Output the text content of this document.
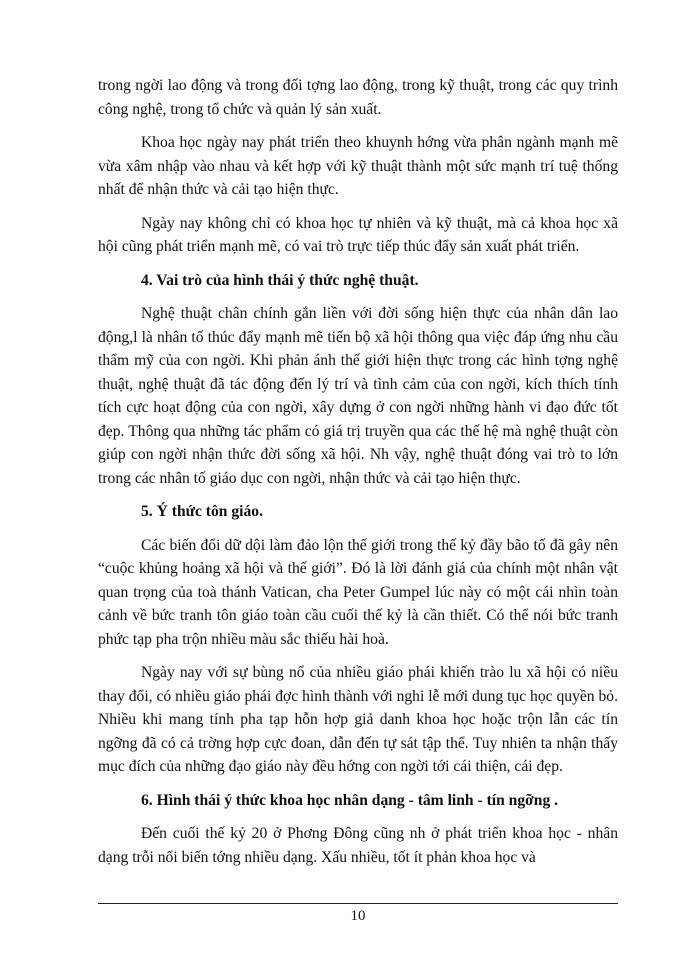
trong ngời lao động và trong đối tợng lao động, trong kỹ thuật, trong các quy trình công nghệ, trong tổ chức và quản lý sản xuất.

Khoa học ngày nay phát triển theo khuynh hớng vừa phân ngành mạnh mẽ vừa xâm nhập vào nhau và kết hợp với kỹ thuật thành một sức mạnh trí tuệ thống nhất để nhận thức và cải tạo hiện thực.

Ngày nay không chỉ có khoa học tự nhiên và kỹ thuật, mà cả khoa học xã hội cũng phát triển mạnh mẽ, có vai trò trực tiếp thúc đẩy sản xuất phát triển.

4. Vai trò của hình thái ý thức nghệ thuật.

Nghệ thuật chân chính gắn liền với đời sống hiện thực của nhân dân lao động,l là nhân tố thúc đẩy mạnh mẽ tiến bộ xã hội thông qua việc đáp ứng nhu cầu thẩm mỹ của con ngời. Khi phản ánh thế giới hiện thực trong các hình tợng nghệ thuật, nghệ thuật đã tác động đến lý trí và tình cảm của con ngời, kích thích tính tích cực hoạt động của con ngời, xây dựng ở con ngời những hành vi đạo đức tốt đẹp. Thông qua những tác phẩm có giá trị truyền qua các thế hệ mà nghệ thuật còn giúp con ngời nhận thức đời sống xã hội. Nh vậy, nghệ thuật đóng vai trò to lớn trong các nhân tố giáo dục con ngời, nhận thức và cải tạo hiện thực.

5. Ý thức tôn giáo.

Các biến đổi dữ dội làm đảo lộn thế giới trong thế kỷ đầy bão tố đã gây nên “cuộc khủng hoảng xã hội và thế giới”. Đó là lời đánh giá của chính một nhân vật quan trọng của toà thánh Vatican, cha Peter Gumpel lúc này có một cái nhìn toàn cảnh về bức tranh tôn giáo toàn cầu cuối thế kỷ là cần thiết. Có thể nói bức tranh phức tạp pha trộn nhiều màu sắc thiếu hài hoà.

Ngày nay với sự bùng nổ của nhiều giáo phái khiến trào lu xã hội có niều thay đổi, có nhiều giáo phái đợc hình thành với nghi lễ mới dung tục học quyền bỏ. Nhiều khi mang tính pha tạp hỗn hợp giả danh khoa học hoặc trộn lẫn các tín ngỡng đã có cả trờng hợp cực đoan, dẫn đến tự sát tập thể. Tuy nhiên ta nhận thấy mục đích của những đạo giáo này đều hớng con ngời tới cái thiện, cái đẹp.

6. Hình thái ý thức khoa học nhân dạng - tâm linh - tín ngỡng .

Đến cuối thế kỷ 20 ở Phơng Đông cũng nh ở phát triển khoa học - nhân dạng trỗi nổi biến tớng nhiều dạng. Xấu nhiều, tốt ít phản khoa học và

10
